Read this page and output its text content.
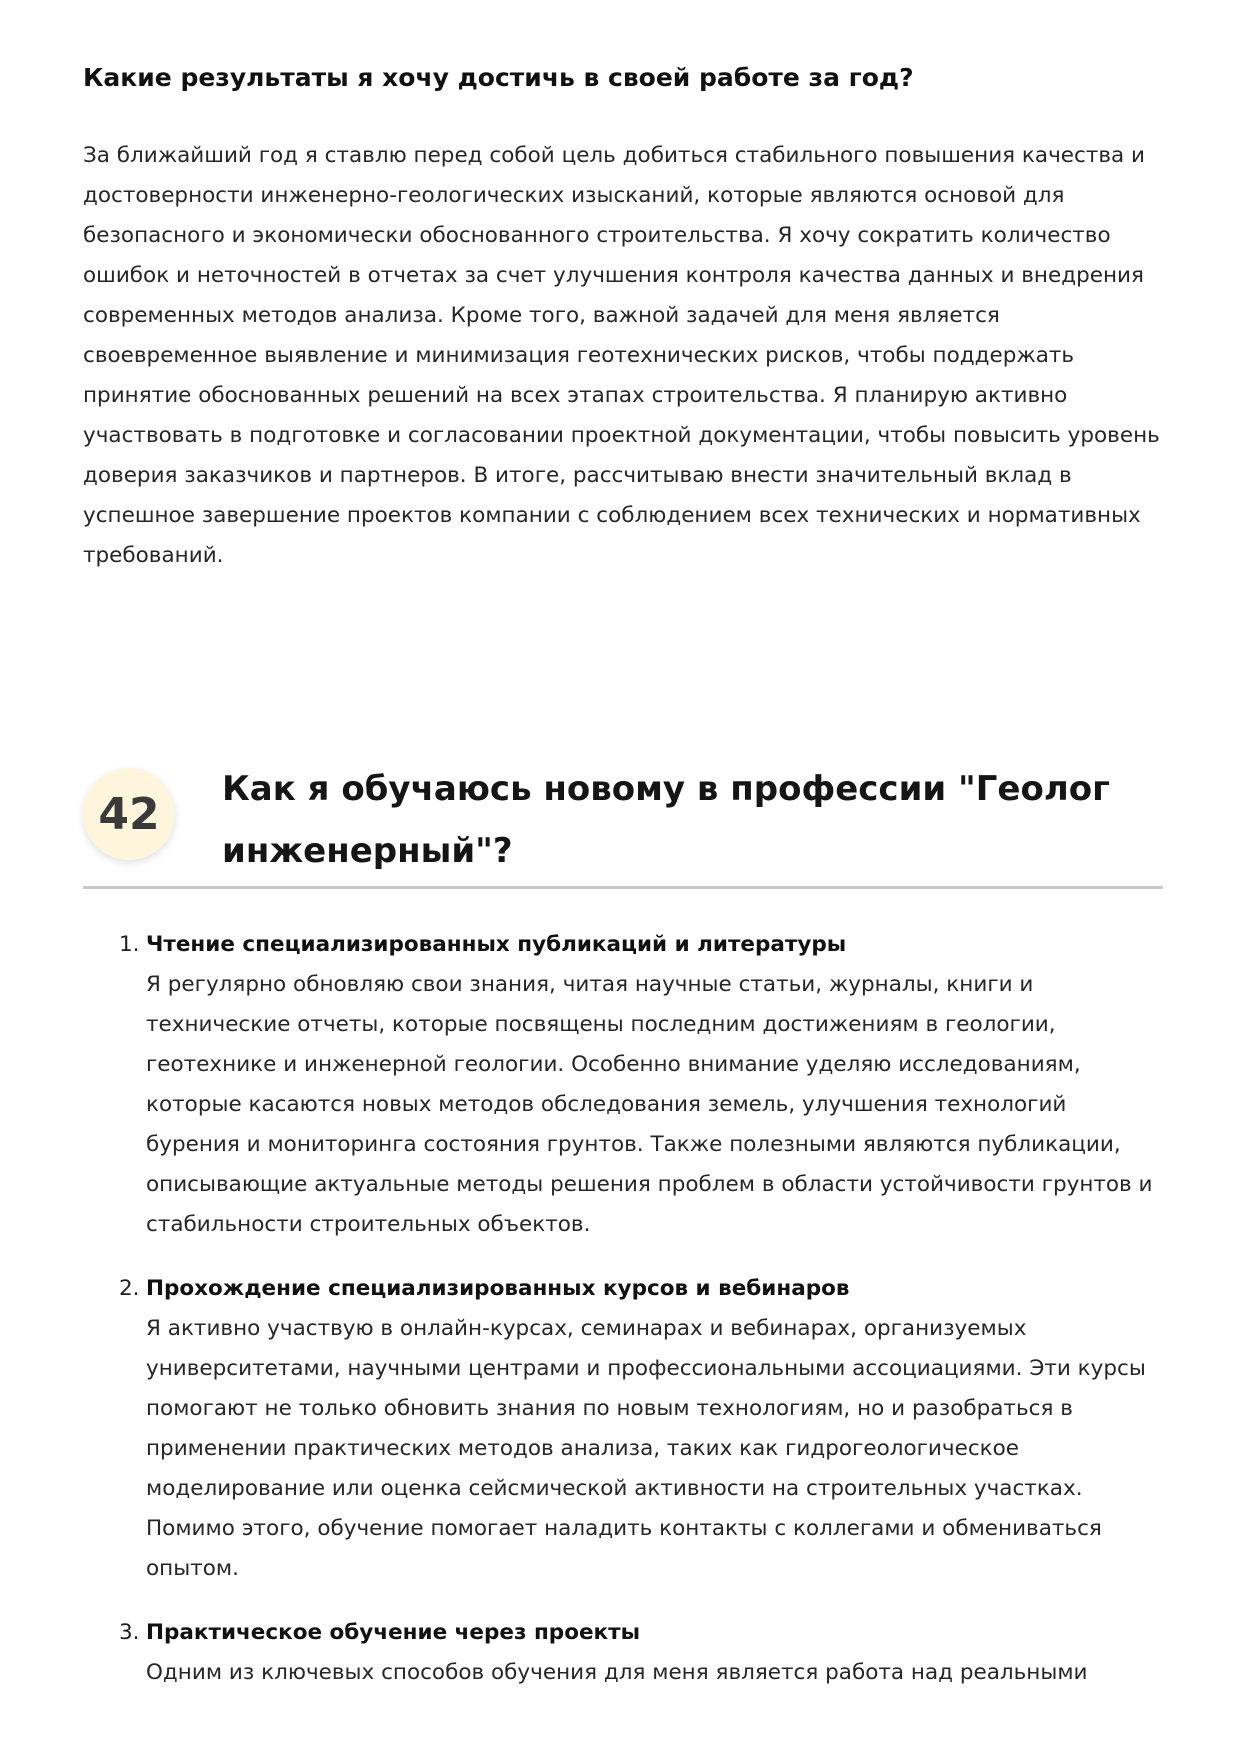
Какие результаты я хочу достичь в своей работе за год?

За ближайший год я ставлю перед собой цель добиться стабильного повышения качества и достоверности инженерно-геологических изысканий, которые являются основой для безопасного и экономически обоснованного строительства. Я хочу сократить количество ошибок и неточностей в отчетах за счет улучшения контроля качества данных и внедрения современных методов анализа. Кроме того, важной задачей для меня является своевременное выявление и минимизация геотехнических рисков, чтобы поддержать принятие обоснованных решений на всех этапах строительства. Я планирую активно участвовать в подготовке и согласовании проектной документации, чтобы повысить уровень доверия заказчиков и партнеров. В итоге, рассчитываю внести значительный вклад в успешное завершение проектов компании с соблюдением всех технических и нормативных требований.

42	Как я обучаюсь новому в профессии "Геолог инженерный"?
1. Чтение специализированных публикаций и литературы
Я регулярно обновляю свои знания, читая научные статьи, журналы, книги и технические отчеты, которые посвящены последним достижениям в геологии, геотехнике и инженерной геологии. Особенно внимание уделяю исследованиям, которые касаются новых методов обследования земель, улучшения технологий бурения и мониторинга состояния грунтов. Также полезными являются публикации, описывающие актуальные методы решения проблем в области устойчивости грунтов и стабильности строительных объектов.
2. Прохождение специализированных курсов и вебинаров
Я активно участвую в онлайн-курсах, семинарах и вебинарах, организуемых университетами, научными центрами и профессиональными ассоциациями. Эти курсы помогают не только обновить знания по новым технологиям, но и разобраться в применении практических методов анализа, таких как гидрогеологическое моделирование или оценка сейсмической активности на строительных участках. Помимо этого, обучение помогает наладить контакты с коллегами и обмениваться опытом.
3. Практическое обучение через проекты
Одним из ключевых способов обучения для меня является работа над реальными
